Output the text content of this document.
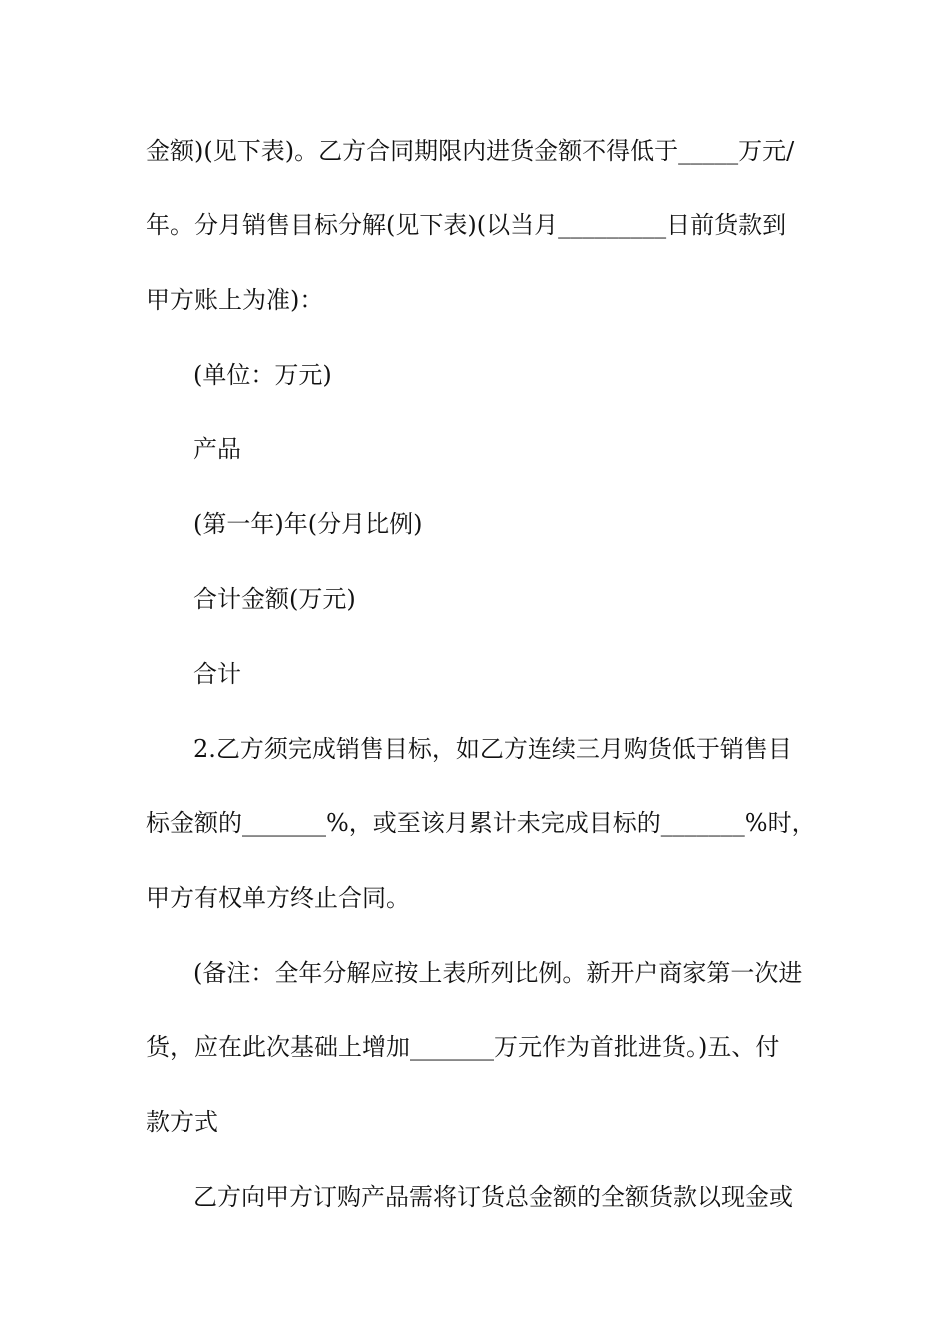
金额)(见下表)。乙方合同期限内进货金额不得低于_____万元/
年。分月销售目标分解(见下表)(以当月_________日前货款到
甲方账上为准)：
(单位：万元)
产品
(第一年)年(分月比例)
合计金额(万元)
合计
2.乙方须完成销售目标，如乙方连续三月购货低于销售目
标金额的_______%，或至该月累计未完成目标的_______%时，
甲方有权单方终止合同。
(备注：全年分解应按上表所列比例。新开户商家第一次进
货，应在此次基础上增加_______万元作为首批进货。)五、付
款方式
乙方向甲方订购产品需将订货总金额的全额货款以现金或
